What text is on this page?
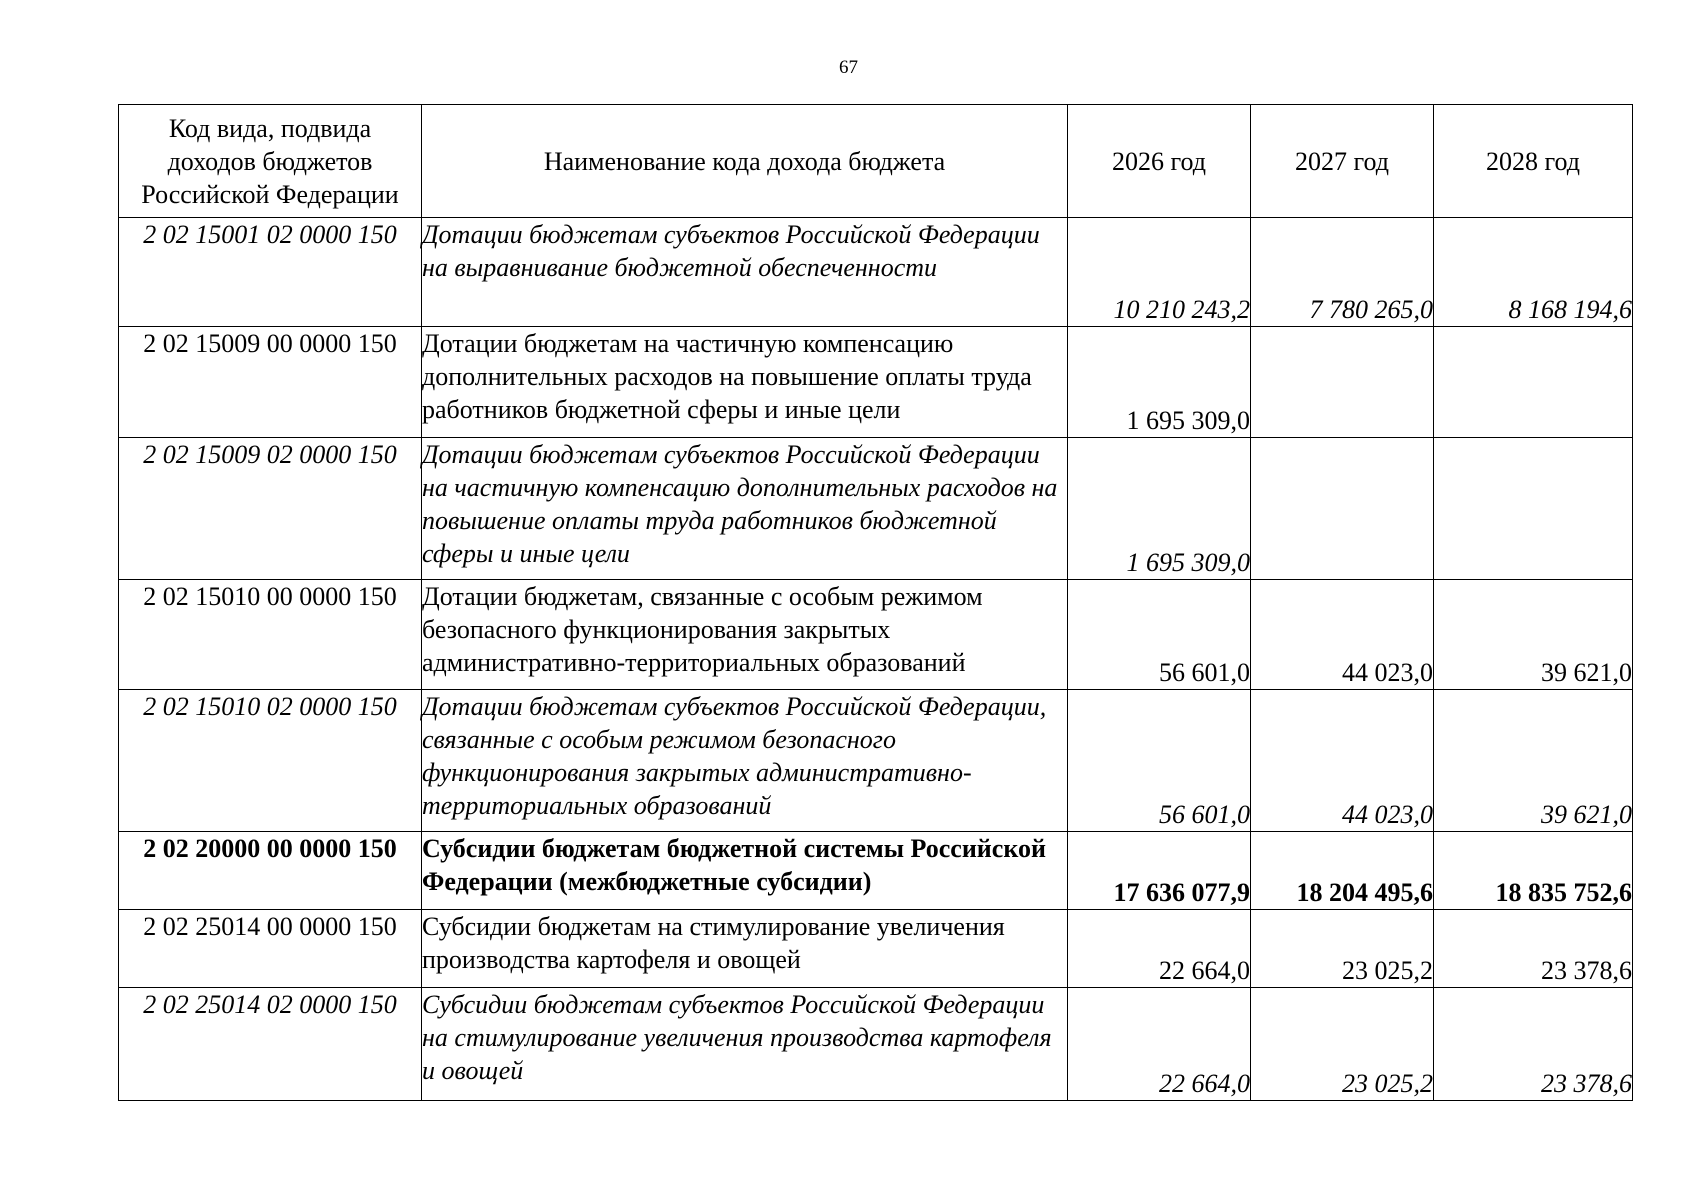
67
Код вида, подвида доходов бюджетов Российской Федерации	Наименование кода дохода бюджета	2026 год	2027 год	2028 год
2 02 15001 02 0000 150	Дотации бюджетам субъектов Российской Федерации на выравнивание бюджетной обеспеченности	10 210 243,2	7 780 265,0	8 168 194,6
2 02 15009 00 0000 150	Дотации бюджетам на частичную компенсацию дополнительных расходов на повышение оплаты труда работников бюджетной сферы и иные цели	1 695 309,0		
2 02 15009 02 0000 150	Дотации бюджетам субъектов Российской Федерации на частичную компенсацию дополнительных расходов на повышение оплаты труда работников бюджетной сферы и иные цели	1 695 309,0		
2 02 15010 00 0000 150	Дотации бюджетам, связанные с особым режимом безопасного функционирования закрытых административно-территориальных образований	56 601,0	44 023,0	39 621,0
2 02 15010 02 0000 150	Дотации бюджетам субъектов Российской Федерации, связанные с особым режимом безопасного функционирования закрытых административно-территориальных образований	56 601,0	44 023,0	39 621,0
2 02 20000 00 0000 150	Субсидии бюджетам бюджетной системы Российской Федерации (межбюджетные субсидии)	17 636 077,9	18 204 495,6	18 835 752,6
2 02 25014 00 0000 150	Субсидии бюджетам на стимулирование увеличения производства картофеля и овощей	22 664,0	23 025,2	23 378,6
2 02 25014 02 0000 150	Субсидии бюджетам субъектов Российской Федерации на стимулирование увеличения производства картофеля и овощей	22 664,0	23 025,2	23 378,6
